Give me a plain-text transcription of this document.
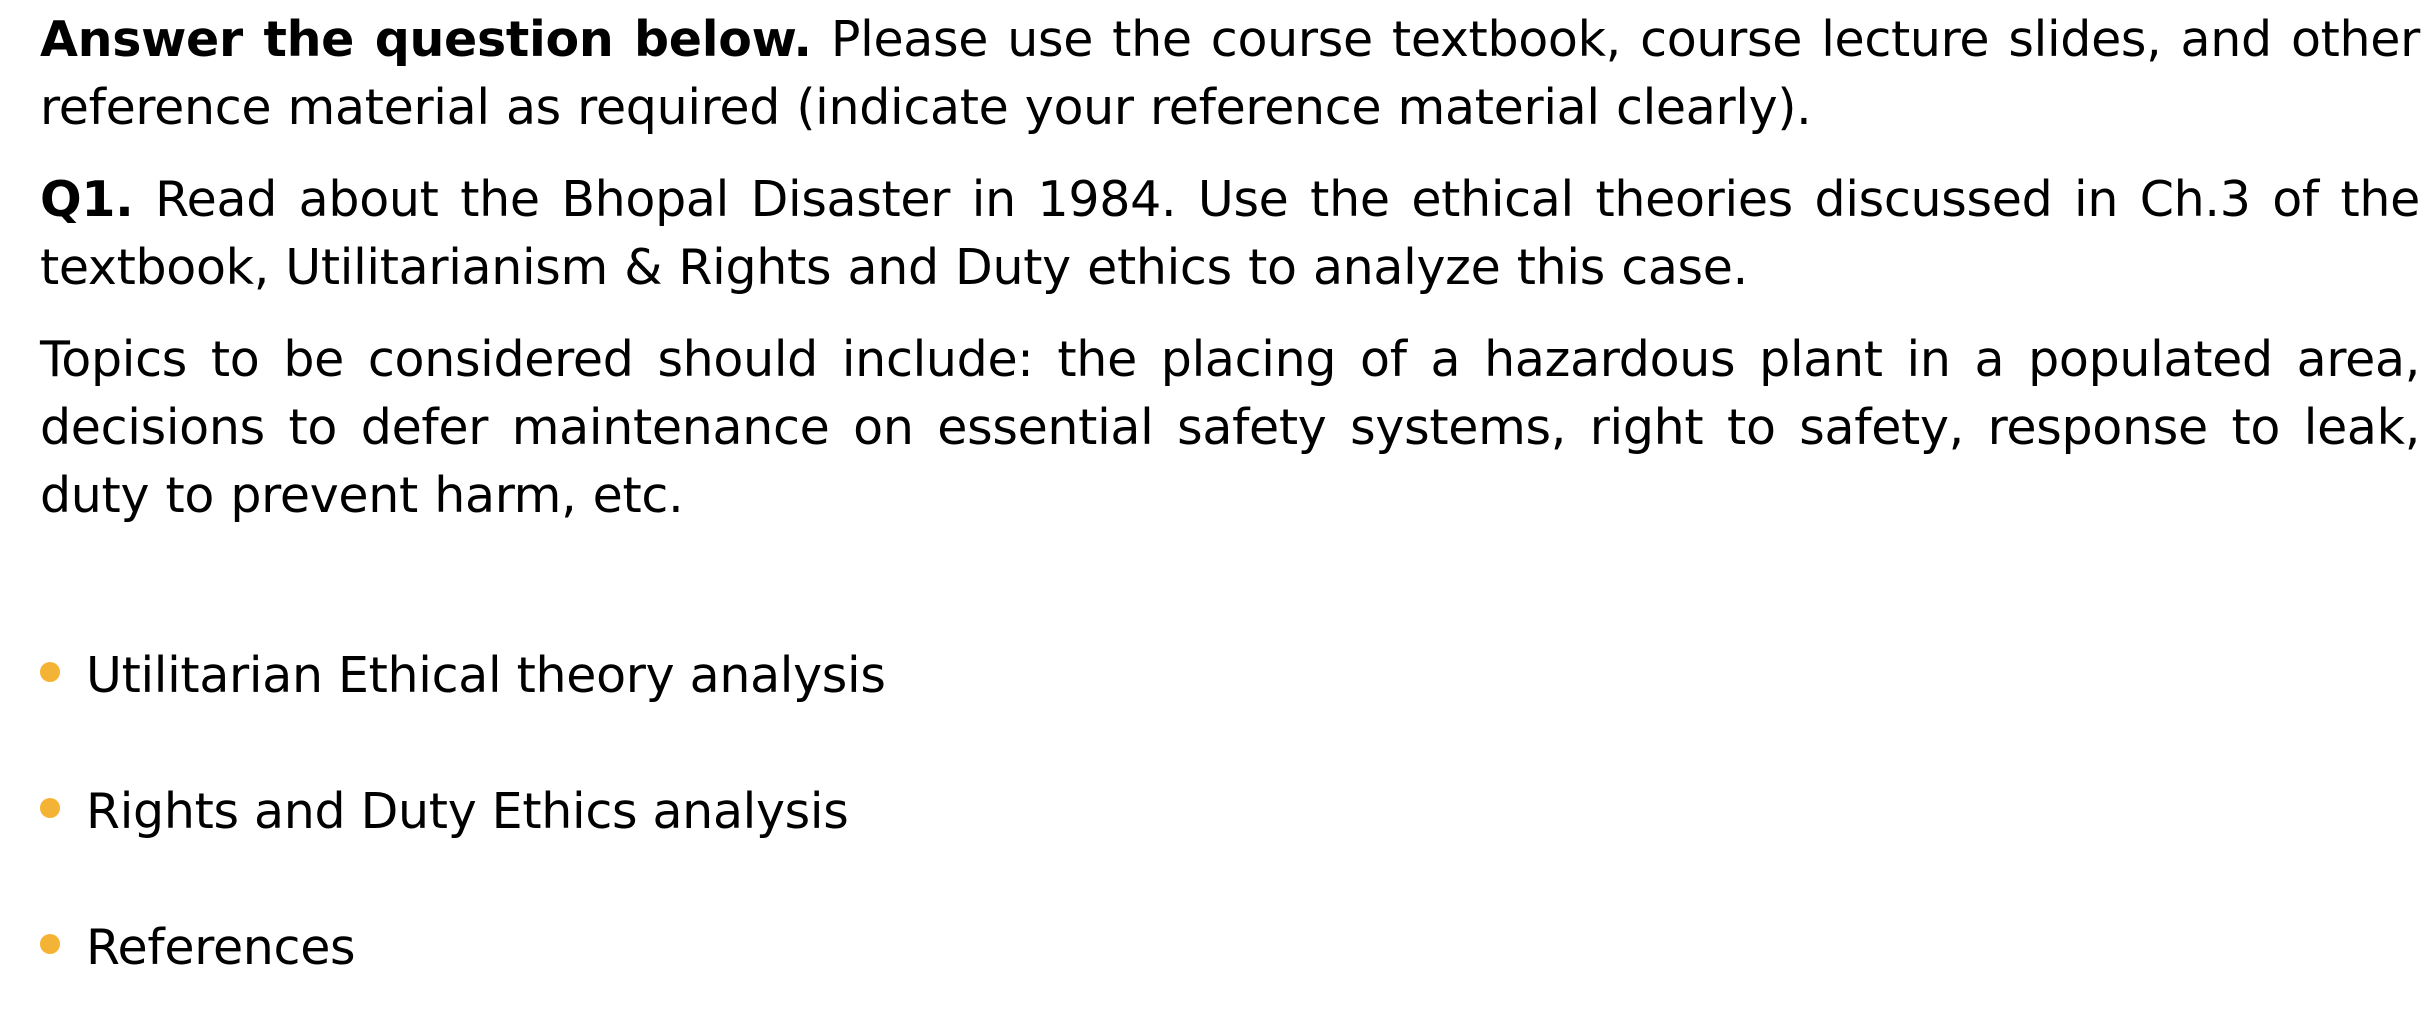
Answer the question below. Please use the course textbook, course lecture slides, and other reference material as required (indicate your reference material clearly).

Q1. Read about the Bhopal Disaster in 1984. Use the ethical theories discussed in Ch.3 of the textbook, Utilitarianism & Rights and Duty ethics to analyze this case.

Topics to be considered should include: the placing of a hazardous plant in a populated area, decisions to defer maintenance on essential safety systems, right to safety, response to leak, duty to prevent harm, etc.

Utilitarian Ethical theory analysis
Rights and Duty Ethics analysis
References
